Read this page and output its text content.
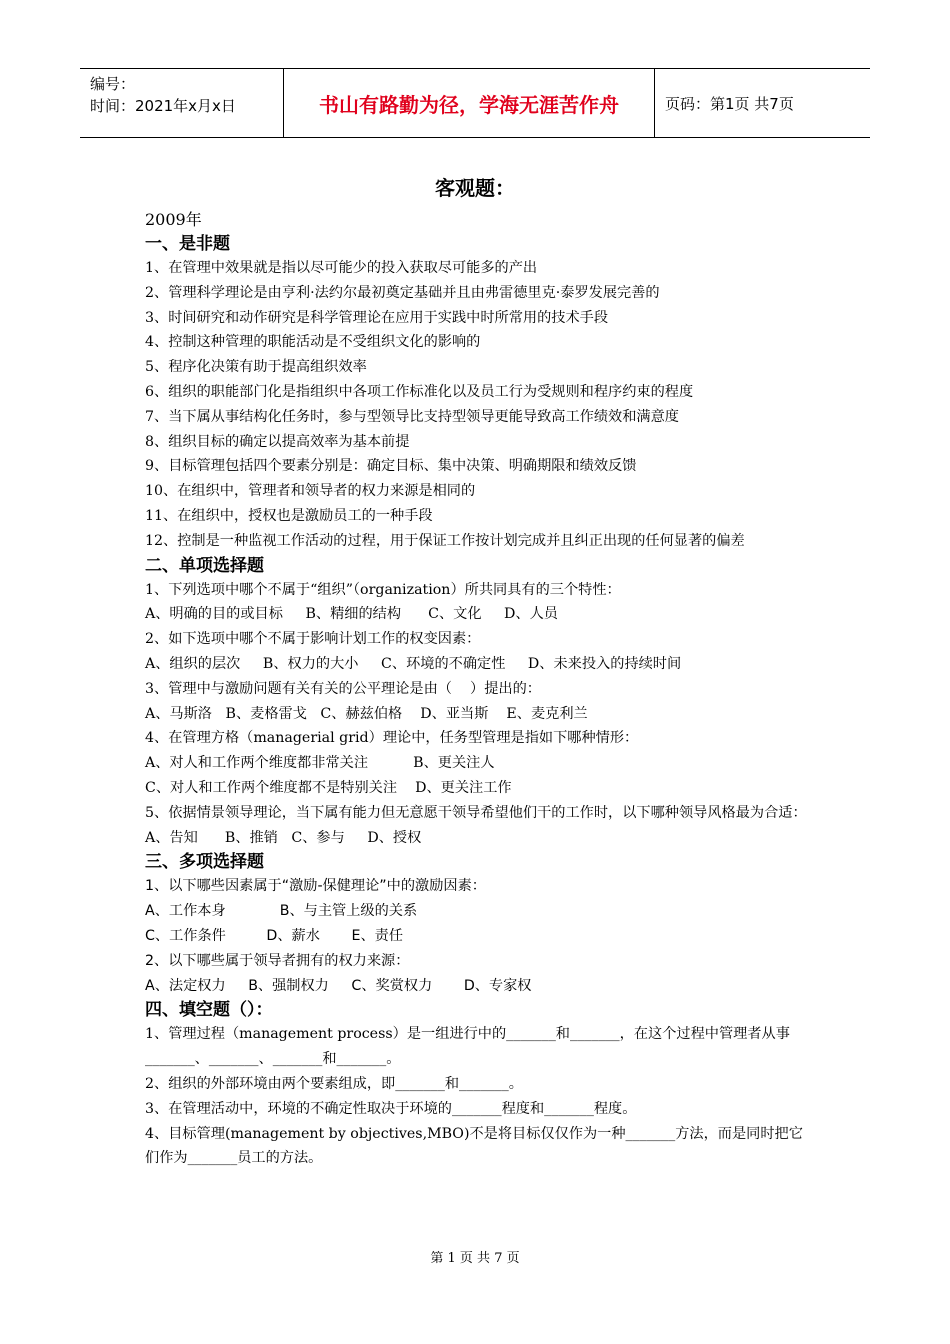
编号：
时间：2021年x月x日	书山有路勤为径，学海无涯苦作舟	页码：第1页 共7页
客观题：
2009年
一、是非题
1、在管理中效果就是指以尽可能少的投入获取尽可能多的产出
2、管理科学理论是由亨利·法约尔最初奠定基础并且由弗雷德里克·泰罗发展完善的
3、时间研究和动作研究是科学管理论在应用于实践中时所常用的技术手段
4、控制这种管理的职能活动是不受组织文化的影响的
5、程序化决策有助于提高组织效率
6、组织的职能部门化是指组织中各项工作标准化以及员工行为受规则和程序约束的程度
7、当下属从事结构化任务时，参与型领导比支持型领导更能导致高工作绩效和满意度
8、组织目标的确定以提高效率为基本前提
9、目标管理包括四个要素分别是：确定目标、集中决策、明确期限和绩效反馈
10、在组织中，管理者和领导者的权力来源是相同的
11、在组织中，授权也是激励员工的一种手段
12、控制是一种监视工作活动的过程，用于保证工作按计划完成并且纠正出现的任何显著的偏差
二、单项选择题
1、下列选项中哪个不属于“组织”（organization）所共同具有的三个特性：
A、明确的目的或目标     B、精细的结构      C、文化     D、人员
2、如下选项中哪个不属于影响计划工作的权变因素：
A、组织的层次     B、权力的大小     C、环境的不确定性     D、未来投入的持续时间
3、管理中与激励问题有关有关的公平理论是由（    ）提出的：
A、马斯洛   B、麦格雷戈   C、赫兹伯格    D、亚当斯    E、麦克利兰
4、在管理方格（managerial grid）理论中，任务型管理是指如下哪种情形：
A、对人和工作两个维度都非常关注          B、更关注人
C、对人和工作两个维度都不是特别关注    D、更关注工作
5、依据情景领导理论，当下属有能力但无意愿干领导希望他们干的工作时，以下哪种领导风格最为合适：
A、告知      B、推销   C、参与     D、授权
三、多项选择题
1、以下哪些因素属于“激励-保健理论”中的激励因素：
A、工作本身            B、与主管上级的关系
C、工作条件         D、薪水       E、责任
2、以下哪些属于领导者拥有的权力来源：
A、法定权力     B、强制权力     C、奖赏权力       D、专家权
四、填空题（）：
1、管理过程（management process）是一组进行中的_______和_______，在这个过程中管理者从事_______、_______、_______和_______。
2、组织的外部环境由两个要素组成，即_______和_______。
3、在管理活动中，环境的不确定性取决于环境的_______程度和_______程度。
4、目标管理(management by objectives,MBO)不是将目标仅仅作为一种_______方法，而是同时把它们作为_______员工的方法。
第 1 页 共 7 页
